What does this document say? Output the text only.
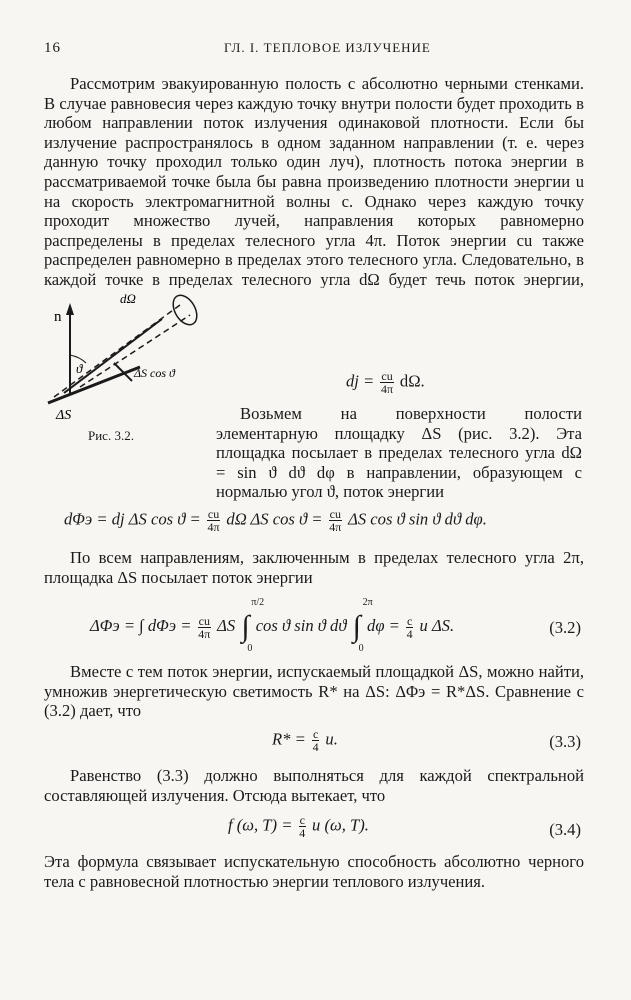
16	ГЛ. I. ТЕПЛОВОЕ ИЗЛУЧЕНИЕ

Рассмотрим эвакуированную полость с абсолютно черными стенками. В случае равновесия через каждую точку внутри полости будет проходить в любом направлении поток излучения одинаковой плотности. Если бы излучение распространялось в одном заданном направлении (т. е. через данную точку проходил только один луч), плотность потока энергии в рассматриваемой точке была бы равна произведению плотности энергии u на скорость электромагнитной волны c. Однако через каждую точку проходит множество лучей, направления которых равномерно распределены в пределах телесного угла 4π. Поток энергии cu также распределен равномерно в пределах этого телесного угла. Следовательно, в каждой точке в пределах телесного угла dΩ будет течь поток энергии,

dj = $\frac{cu}{4\pi} d\Omega$.
n
dΩ
ϑ	ΔS cos ϑ
ΔS
Рис. 3.2.

Возьмем на поверхности полости элементарную площадку ΔS (рис. 3.2). Эта площадка посылает в пределах телесного угла dΩ = sin ϑ dϑ dφ в направлении, образующем с нормалью угол ϑ, поток энергии

dΦэ = dj ΔS $\cos ϑ = \frac{cu}{4\pi}$ dΩ ΔS $\cos ϑ = \frac{cu}{4\pi}$ ΔS cos ϑ sin ϑ dϑ dφ.

По всем направлениям, заключенным в пределах телесного угла 2π, площадка ΔS посылает поток энергии

ΔΦэ = ∫ $d\Phi э = \frac{cu}{4\pi}$ ΔS ∫
π/2
0
cos ϑ sin ϑ dϑ ∫
2π
0
$d\varphi = \frac{c}{4}$ u ΔS.	(3.2)

Вместе с тем поток энергии, испускаемый площадкой ΔS, можно найти, умножив энергетическую светимость R* на ΔS: ΔΦэ = R*ΔS. Сравнение с (3.2) дает, что

$R* = \frac{c}{4} u$.	(3.3)

Равенство (3.3) должно выполняться для каждой спектральной составляющей излучения. Отсюда вытекает, что

f (ω, $T) = \frac{c}{4}$ u (ω, T).	(3.4)

Эта формула связывает испускательную способность абсолютно черного тела с равновесной плотностью энергии теплового излучения.
